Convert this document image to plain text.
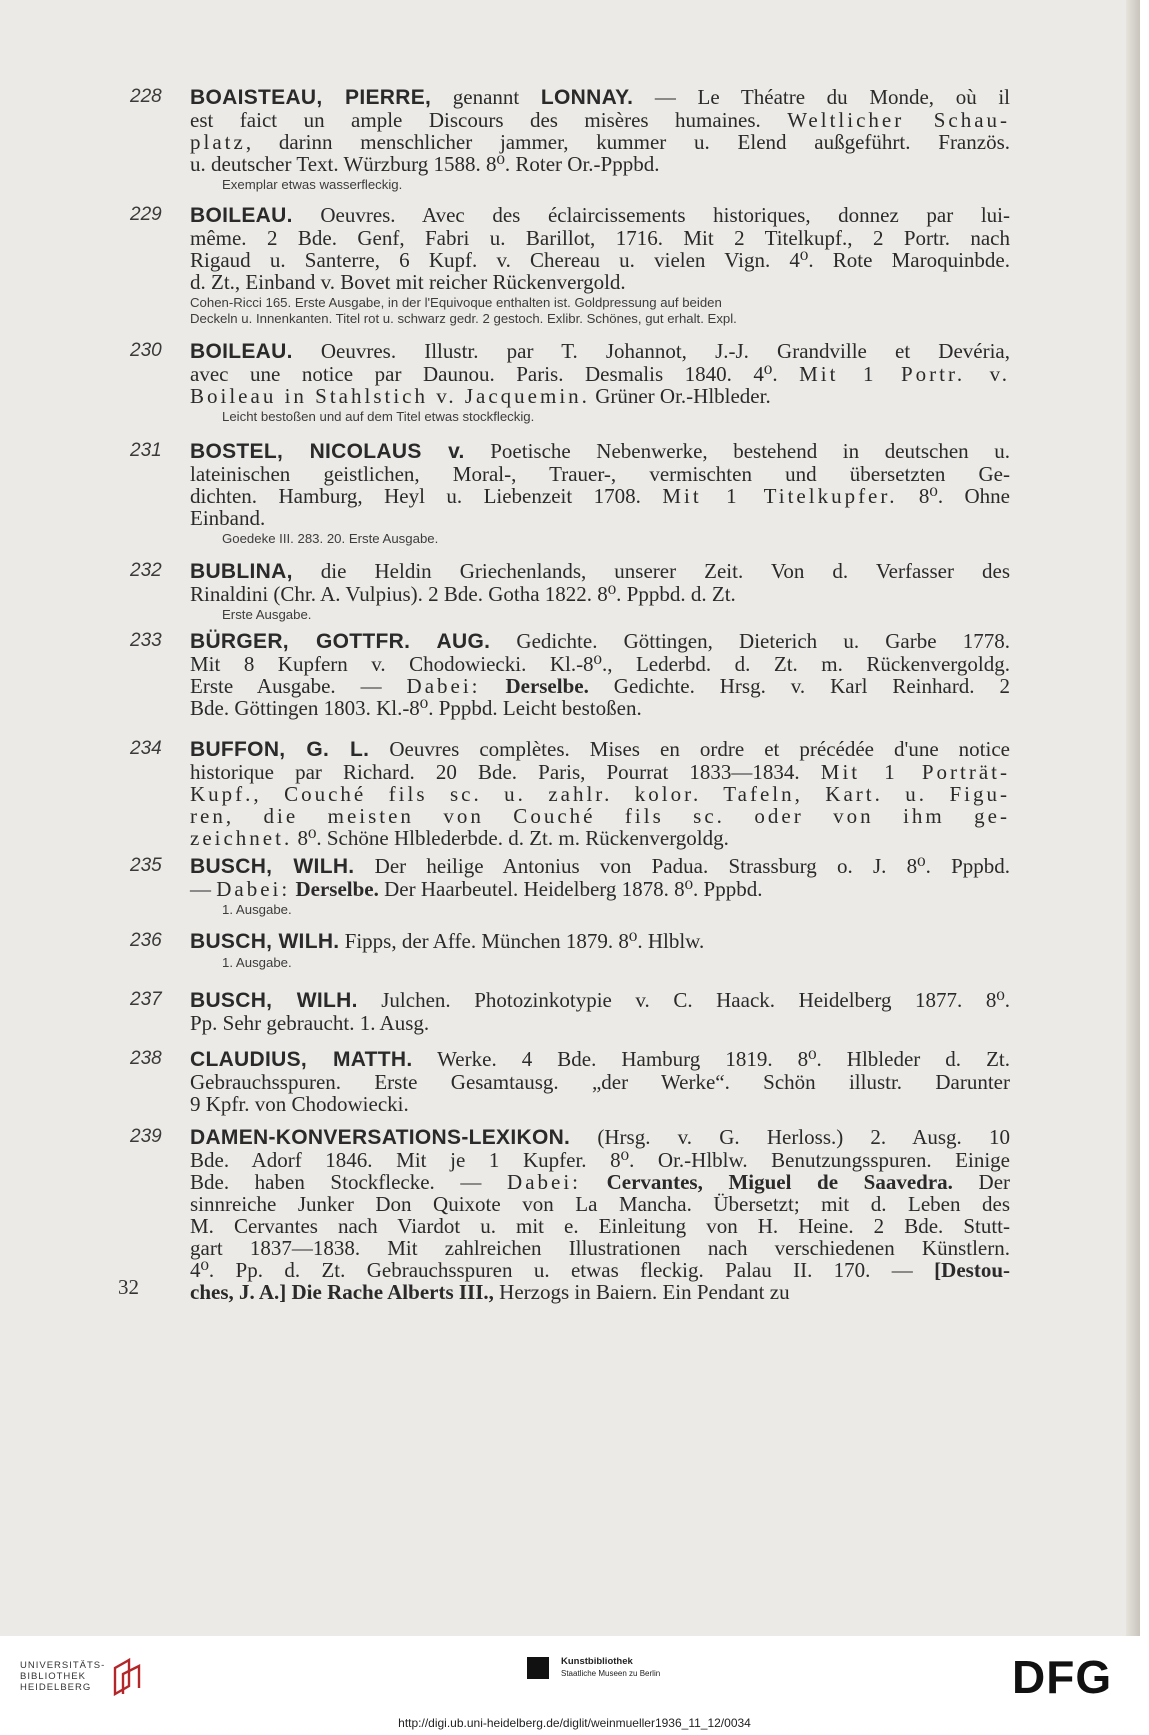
228	BOAISTEAU, PIERRE, genannt LONNAY. — Le Théatre du Monde, où il
est faict un ample Discours des misères humaines. Weltlicher Schau-
platz, darinn menschlicher jammer, kummer u. Elend außgeführt. Französ.
u. deutscher Text. Würzburg 1588. 8⁰. Roter Or.-Pppbd.
Exemplar etwas wasserfleckig.
229	BOILEAU. Oeuvres. Avec des éclaircissements historiques, donnez par lui-
même. 2 Bde. Genf, Fabri u. Barillot, 1716. Mit 2 Titelkupf., 2 Portr. nach
Rigaud u. Santerre, 6 Kupf. v. Chereau u. vielen Vign. 4⁰. Rote Maroquinbde.
d. Zt., Einband v. Bovet mit reicher Rückenvergold.
Cohen-Ricci 165. Erste Ausgabe, in der l'Equivoque enthalten ist. Goldpressung auf beiden
Deckeln u. Innenkanten. Titel rot u. schwarz gedr. 2 gestoch. Exlibr. Schönes, gut erhalt. Expl.
230	BOILEAU. Oeuvres. Illustr. par T. Johannot, J.-J. Grandville et Devéria,
avec une notice par Daunou. Paris. Desmalis 1840. 4⁰. Mit 1 Portr. v.
Boileau in Stahlstich v. Jacquemin. Grüner Or.-Hlbleder.
Leicht bestoßen und auf dem Titel etwas stockfleckig.
231	BOSTEL, NICOLAUS v. Poetische Nebenwerke, bestehend in deutschen u.
lateinischen geistlichen, Moral-, Trauer-, vermischten und übersetzten Ge-
dichten. Hamburg, Heyl u. Liebenzeit 1708. Mit 1 Titelkupfer. 8⁰. Ohne
Einband.
Goedeke III. 283. 20. Erste Ausgabe.
232	BUBLINA, die Heldin Griechenlands, unserer Zeit. Von d. Verfasser des
Rinaldini (Chr. A. Vulpius). 2 Bde. Gotha 1822. 8⁰. Pppbd. d. Zt.
Erste Ausgabe.
233	BÜRGER, GOTTFR. AUG. Gedichte. Göttingen, Dieterich u. Garbe 1778.
Mit 8 Kupfern v. Chodowiecki. Kl.-8⁰., Lederbd. d. Zt. m. Rückenvergoldg.
Erste Ausgabe. — Dabei: Derselbe. Gedichte. Hrsg. v. Karl Reinhard. 2
Bde. Göttingen 1803. Kl.-8⁰. Pppbd. Leicht bestoßen.
234	BUFFON, G. L. Oeuvres complètes. Mises en ordre et précédée d'une notice
historique par Richard. 20 Bde. Paris, Pourrat 1833—1834. Mit 1 Porträt-
Kupf., Couché fils sc. u. zahlr. kolor. Tafeln, Kart. u. Figu-
ren, die meisten von Couché fils sc. oder von ihm ge-
zeichnet. 8⁰. Schöne Hlblederbde. d. Zt. m. Rückenvergoldg.
235	BUSCH, WILH. Der heilige Antonius von Padua. Strassburg o. J. 8⁰. Pppbd.
— Dabei: Derselbe. Der Haarbeutel. Heidelberg 1878. 8⁰. Pppbd.
1. Ausgabe.
236	BUSCH, WILH. Fipps, der Affe. München 1879. 8⁰. Hlblw.
1. Ausgabe.
237	BUSCH, WILH. Julchen. Photozinkotypie v. C. Haack. Heidelberg 1877. 8⁰.
Pp. Sehr gebraucht. 1. Ausg.
238	CLAUDIUS, MATTH. Werke. 4 Bde. Hamburg 1819. 8⁰. Hlbleder d. Zt.
Gebrauchsspuren. Erste Gesamtausg. „der Werke“. Schön illustr. Darunter
9 Kpfr. von Chodowiecki.
239	DAMEN-KONVERSATIONS-LEXIKON. (Hrsg. v. G. Herloss.) 2. Ausg. 10
Bde. Adorf 1846. Mit je 1 Kupfer. 8⁰. Or.-Hlblw. Benutzungsspuren. Einige
Bde. haben Stockflecke. — Dabei: Cervantes, Miguel de Saavedra. Der
sinnreiche Junker Don Quixote von La Mancha. Übersetzt; mit d. Leben des
M. Cervantes nach Viardot u. mit e. Einleitung von H. Heine. 2 Bde. Stutt-
gart 1837—1838. Mit zahlreichen Illustrationen nach verschiedenen Künstlern.
4⁰. Pp. d. Zt. Gebrauchsspuren u. etwas fleckig. Palau II. 170. — [Destou-
ches, J. A.] Die Rache Alberts III., Herzogs in Baiern. Ein Pendant zu
32
UNIVERSITÄTS-
BIBLIOTHEK
HEIDELBERG
Kunstbibliothek
Staatliche Museen zu Berlin	DFG
http://digi.ub.uni-heidelberg.de/diglit/weinmueller1936_11_12/0034
